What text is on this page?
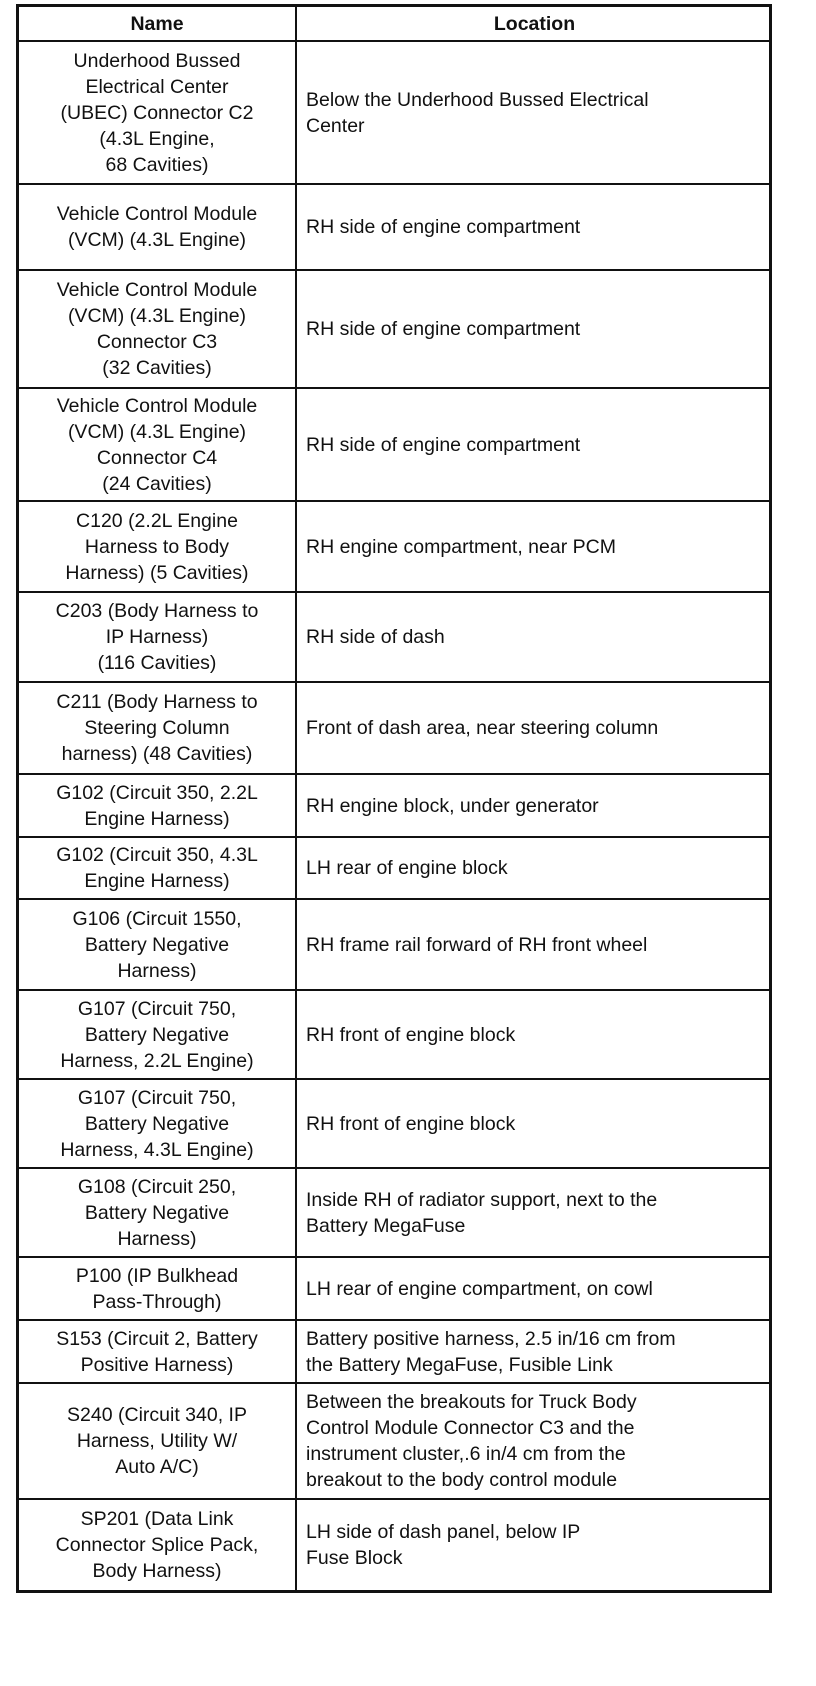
Name	Location
Underhood Bussed
Electrical Center
(UBEC) Connector C2
(4.3L Engine,
68 Cavities)
Below the Underhood Bussed Electrical
Center
Vehicle Control Module
(VCM) (4.3L Engine)
RH side of engine compartment
Vehicle Control Module
(VCM) (4.3L Engine)
Connector C3
(32 Cavities)
RH side of engine compartment
Vehicle Control Module
(VCM) (4.3L Engine)
Connector C4
(24 Cavities)
RH side of engine compartment
C120 (2.2L Engine
Harness to Body
Harness) (5 Cavities)
RH engine compartment, near PCM
C203 (Body Harness to
IP Harness)
(116 Cavities)
RH side of dash
C211 (Body Harness to
Steering Column
harness) (48 Cavities)
Front of dash area, near steering column
G102 (Circuit 350, 2.2L
Engine Harness)
RH engine block, under generator
G102 (Circuit 350, 4.3L
Engine Harness)
LH rear of engine block
G106 (Circuit 1550,
Battery Negative
Harness)
RH frame rail forward of RH front wheel
G107 (Circuit 750,
Battery Negative
Harness, 2.2L Engine)
RH front of engine block
G107 (Circuit 750,
Battery Negative
Harness, 4.3L Engine)
RH front of engine block
G108 (Circuit 250,
Battery Negative
Harness)
Inside RH of radiator support, next to the
Battery MegaFuse
P100 (IP Bulkhead
Pass-Through)
LH rear of engine compartment, on cowl
S153 (Circuit 2, Battery
Positive Harness)
Battery positive harness, 2.5 in/16 cm from
the Battery MegaFuse, Fusible Link
S240 (Circuit 340, IP
Harness, Utility W/
Auto A/C)
Between the breakouts for Truck Body
Control Module Connector C3 and the
instrument cluster,.6 in/4 cm from the
breakout to the body control module
SP201 (Data Link
Connector Splice Pack,
Body Harness)
LH side of dash panel, below IP
Fuse Block
